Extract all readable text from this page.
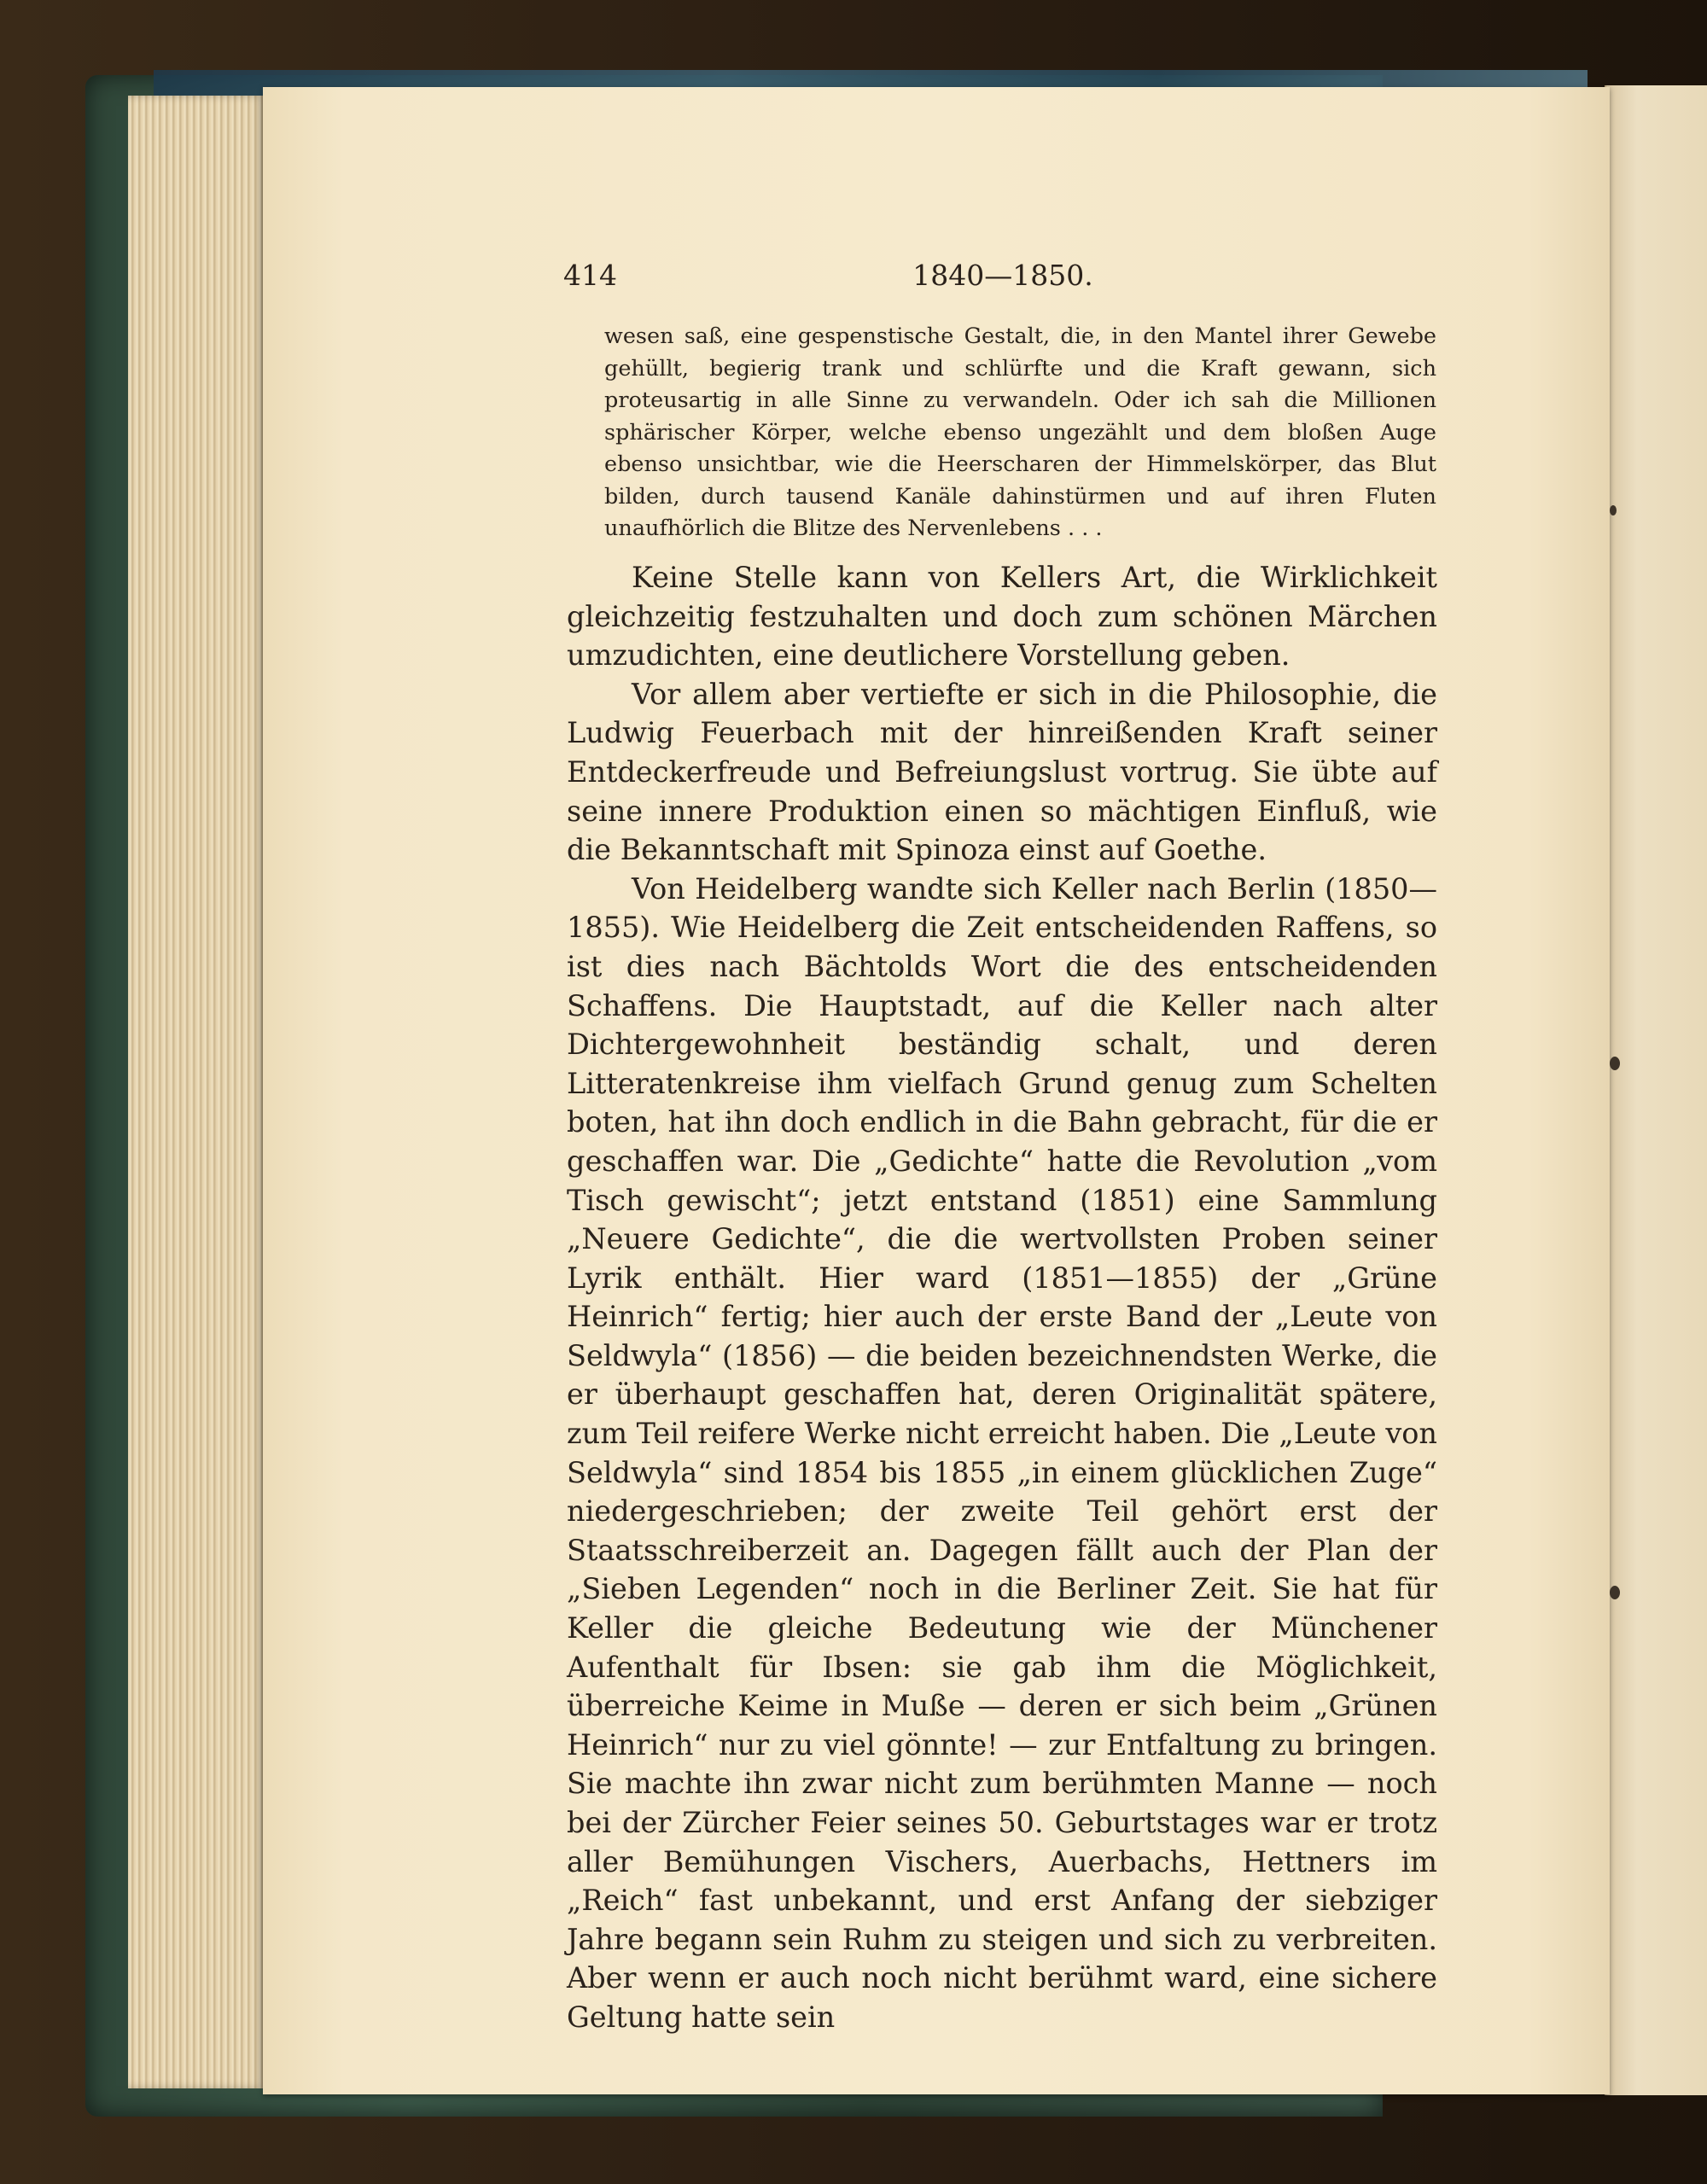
414	1840—1850.
wesen saß, eine gespenstische Gestalt, die, in den Mantel ihrer Gewebe gehüllt, begierig trank und schlürfte und die Kraft gewann, sich proteusartig in alle Sinne zu verwandeln. Oder ich sah die Millionen sphärischer Körper, welche ebenso ungezählt und dem bloßen Auge ebenso unsichtbar, wie die Heerscharen der Himmelskörper, das Blut bilden, durch tausend Kanäle dahinstürmen und auf ihren Fluten unaufhörlich die Blitze des Nervenlebens . . .

Keine Stelle kann von Kellers Art, die Wirklichkeit gleichzeitig festzuhalten und doch zum schönen Märchen umzudichten, eine deutlichere Vorstellung geben.

Vor allem aber vertiefte er sich in die Philosophie, die Ludwig Feuerbach mit der hinreißenden Kraft seiner Entdeckerfreude und Befreiungslust vortrug. Sie übte auf seine innere Produktion einen so mächtigen Einfluß, wie die Bekanntschaft mit Spinoza einst auf Goethe.

Von Heidelberg wandte sich Keller nach Berlin (1850—1855). Wie Heidelberg die Zeit entscheidenden Raffens, so ist dies nach Bächtolds Wort die des entscheidenden Schaffens. Die Hauptstadt, auf die Keller nach alter Dichtergewohnheit beständig schalt, und deren Litteratenkreise ihm vielfach Grund genug zum Schelten boten, hat ihn doch endlich in die Bahn gebracht, für die er geschaffen war. Die „Gedichte“ hatte die Revolution „vom Tisch gewischt“; jetzt entstand (1851) eine Sammlung „Neuere Gedichte“, die die wertvollsten Proben seiner Lyrik enthält. Hier ward (1851—1855) der „Grüne Heinrich“ fertig; hier auch der erste Band der „Leute von Seldwyla“ (1856) — die beiden bezeichnendsten Werke, die er überhaupt geschaffen hat, deren Originalität spätere, zum Teil reifere Werke nicht erreicht haben. Die „Leute von Seldwyla“ sind 1854 bis 1855 „in einem glücklichen Zuge“ niedergeschrieben; der zweite Teil gehört erst der Staatsschreiberzeit an. Dagegen fällt auch der Plan der „Sieben Legenden“ noch in die Berliner Zeit. Sie hat für Keller die gleiche Bedeutung wie der Münchener Aufenthalt für Ibsen: sie gab ihm die Möglichkeit, überreiche Keime in Muße — deren er sich beim „Grünen Heinrich“ nur zu viel gönnte! — zur Entfaltung zu bringen. Sie machte ihn zwar nicht zum berühmten Manne — noch bei der Zürcher Feier seines 50. Geburtstages war er trotz aller Bemühungen Vischers, Auerbachs, Hettners im „Reich“ fast unbekannt, und erst Anfang der siebziger Jahre begann sein Ruhm zu steigen und sich zu verbreiten. Aber wenn er auch noch nicht berühmt ward, eine sichere Geltung hatte sein
